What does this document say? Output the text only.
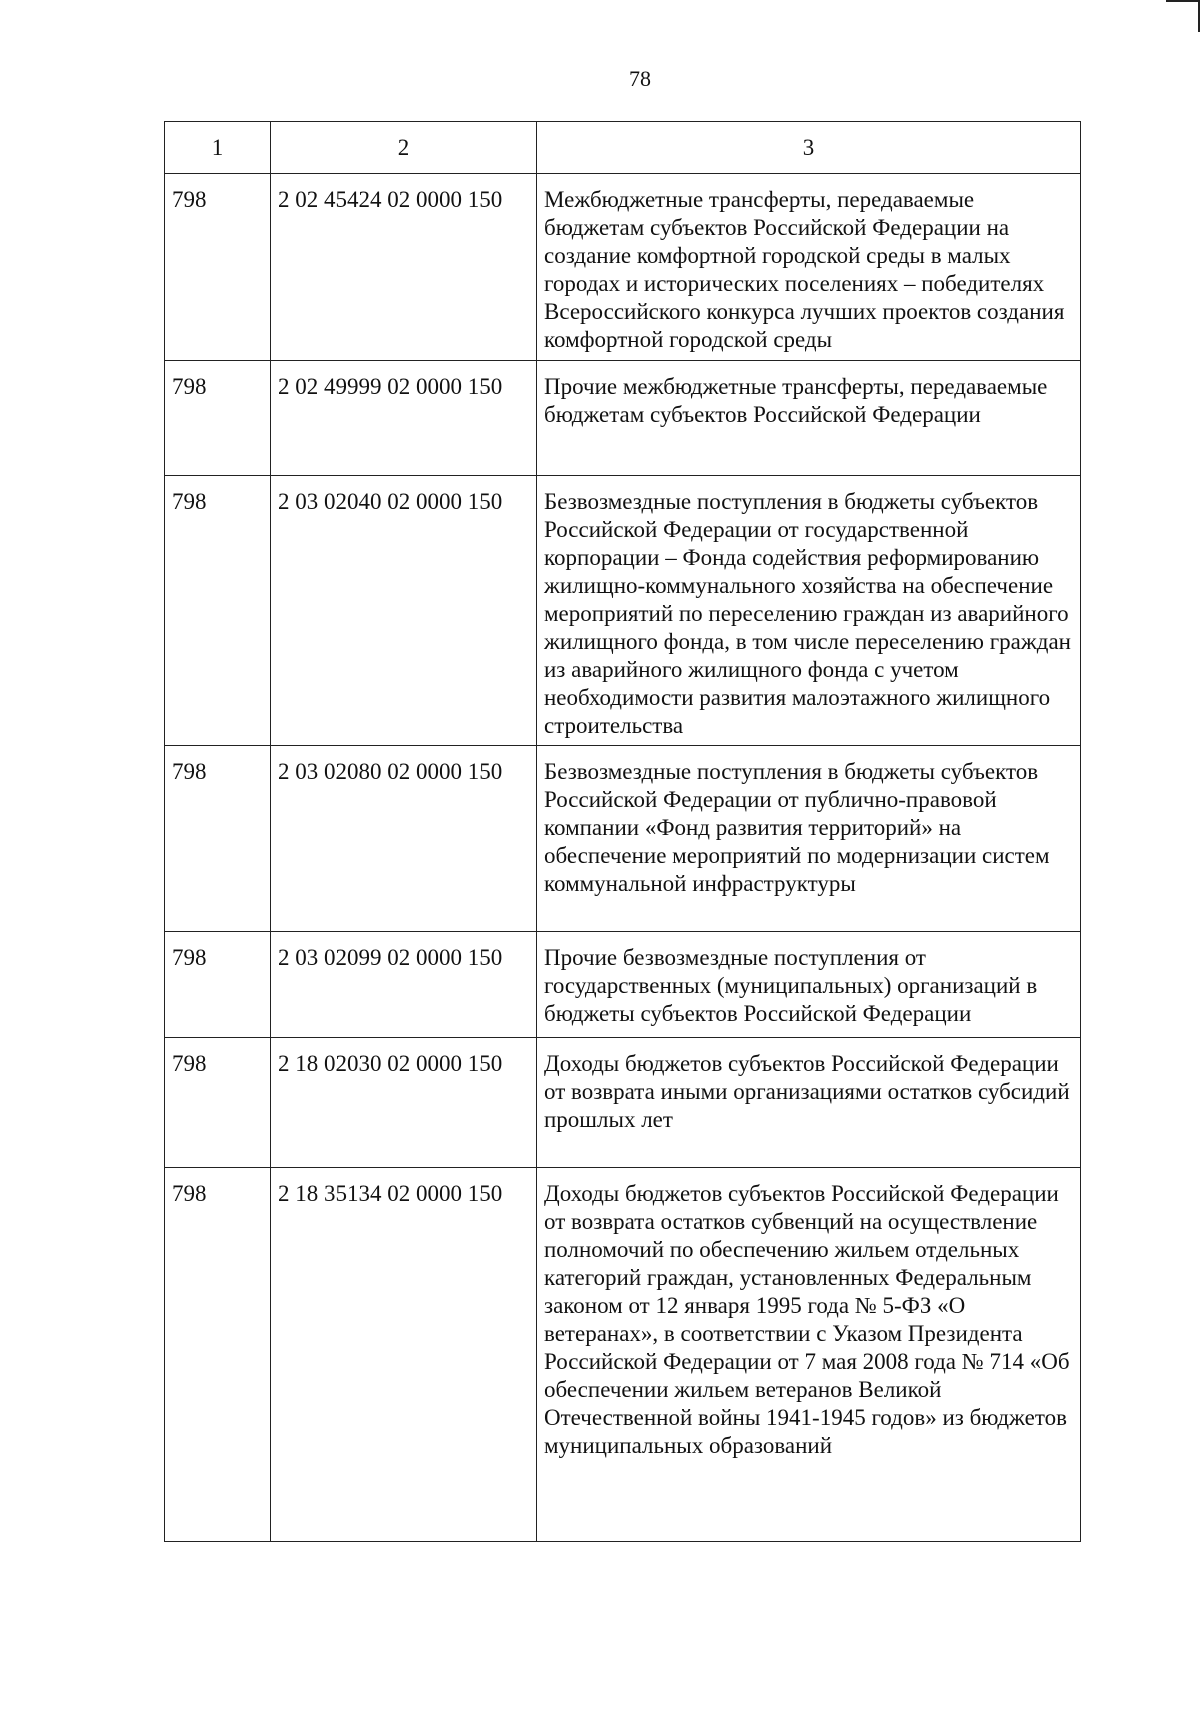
78
1	2	3
798	2 02 45424 02 0000 150	Межбюджетные трансферты, передаваемые бюджетам субъектов Российской Федерации на создание комфортной городской среды в малых городах и исторических поселениях – победителях Всероссийского конкурса лучших проектов создания комфортной городской среды
798	2 02 49999 02 0000 150	Прочие межбюджетные трансферты, передаваемые бюджетам субъектов Российской Федерации
798	2 03 02040 02 0000 150	Безвозмездные поступления в бюджеты субъектов Российской Федерации от государственной корпорации – Фонда содействия реформированию жилищно-коммунального хозяйства на обеспечение мероприятий по переселению граждан из аварийного жилищного фонда, в том числе переселению граждан из аварийного жилищного фонда с учетом необходимости развития малоэтажного жилищного строительства
798	2 03 02080 02 0000 150	Безвозмездные поступления в бюджеты субъектов Российской Федерации от публично-правовой компании «Фонд развития территорий» на обеспечение мероприятий по модернизации систем коммунальной инфраструктуры
798	2 03 02099 02 0000 150	Прочие безвозмездные поступления от государственных (муниципальных) организаций в бюджеты субъектов Российской Федерации
798	2 18 02030 02 0000 150	Доходы бюджетов субъектов Российской Федерации от возврата иными организациями остатков субсидий прошлых лет
798	2 18 35134 02 0000 150	Доходы бюджетов субъектов Российской Федерации от возврата остатков субвенций на осуществление полномочий по обеспечению жильем отдельных категорий граждан, установленных Федеральным законом от 12 января 1995 года № 5-ФЗ «О ветеранах», в соответствии с Указом Президента Российской Федерации от 7 мая 2008 года № 714 «Об обеспечении жильем ветеранов Великой Отечественной войны 1941-1945 годов» из бюджетов муниципальных образований
